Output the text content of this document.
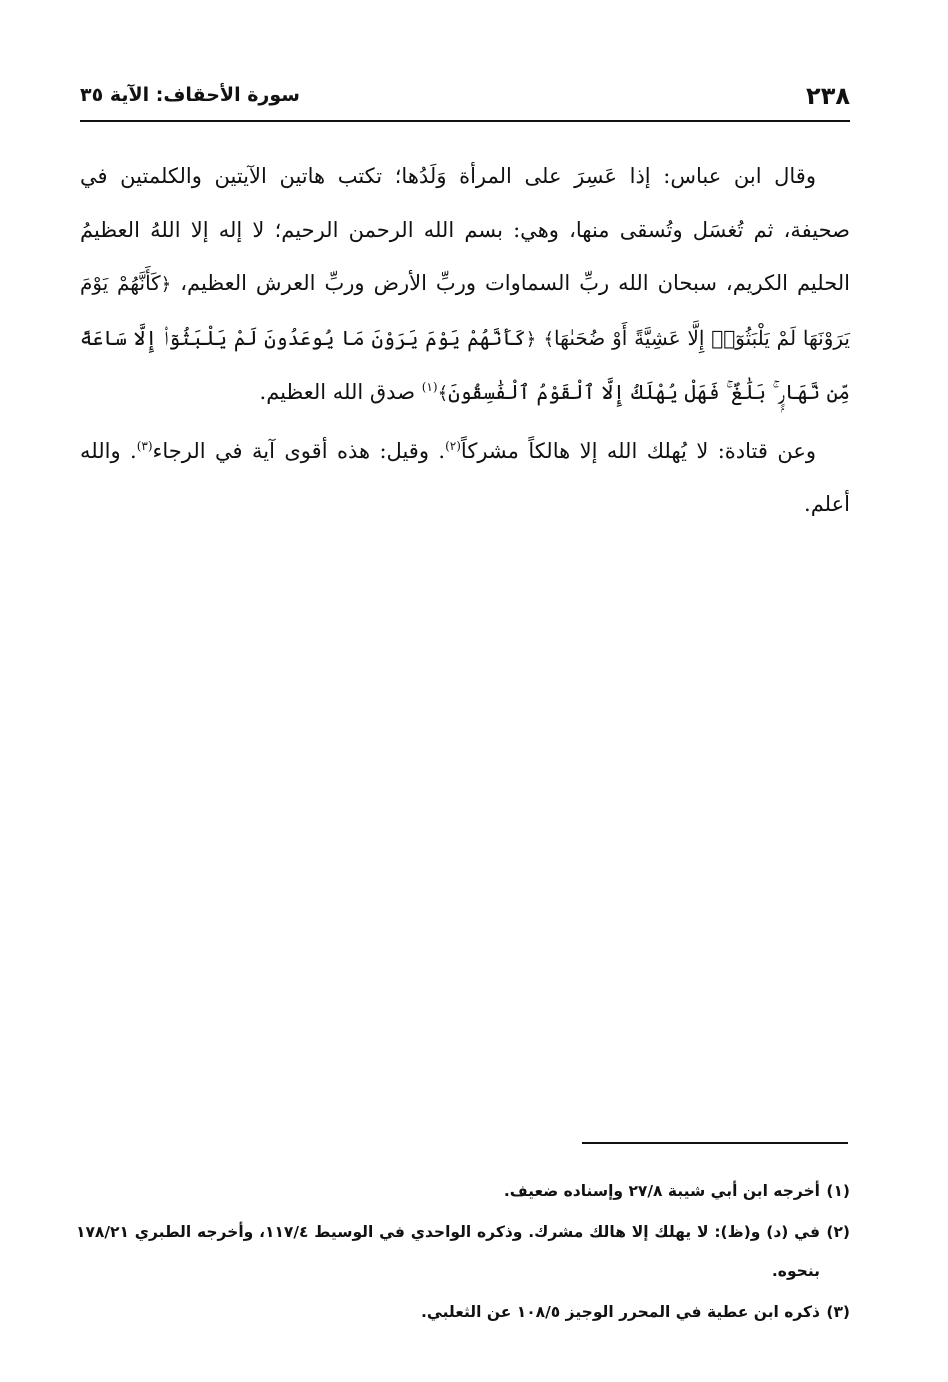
٢٣٨
سورة الأحقاف: الآية ٣٥

وقال ابن عباس: إذا عَسِرَ على المرأة وَلَدُها؛ تكتب هاتين الآيتين والكلمتين في صحيفة، ثم تُغسَل وتُسقى منها، وهي: بسم الله الرحمن الرحيم؛ لا إله إلا اللهُ العظيمُ الحليم الكريم، سبحان الله ربِّ السماوات وربِّ الأرض وربِّ العرش العظيم، ﴿كَأَنَّهُمْ يَوْمَ يَرَوْنَهَا لَمْ يَلْبَثُوٓا۟ إِلَّا عَشِيَّةً أَوْ ضُحَىٰهَا﴾ ﴿كَأَنَّهُمْ يَوْمَ يَرَوْنَ مَا يُوعَدُونَ لَمْ يَلْبَثُوٓا۟ إِلَّا سَاعَةً مِّن نَّهَارٍۭ ۚ بَلَٰغٌ ۚ فَهَلْ يُهْلَكُ إِلَّا ٱلْقَوْمُ ٱلْفَٰسِقُونَ﴾$^{(١)}$ صدق الله العظيم.

وعن قتادة: لا يُهلك الله إلا هالكاً مشركاً$^{(٢)}$. وقيل: هذه أقوى آية في الرجاء$^{(٣)}$. والله أعلم.

(١)
أخرجه ابن أبي شيبة ٢٧/٨ وإسناده ضعيف.
(٢)
في (د) و(ظ): لا يهلك إلا هالك مشرك. وذكره الواحدي في الوسيط ١١٧/٤، وأخرجه الطبري ١٧٨/٢١ بنحوه.
(٣)
ذكره ابن عطية في المحرر الوجيز ١٠٨/٥ عن الثعلبي.
